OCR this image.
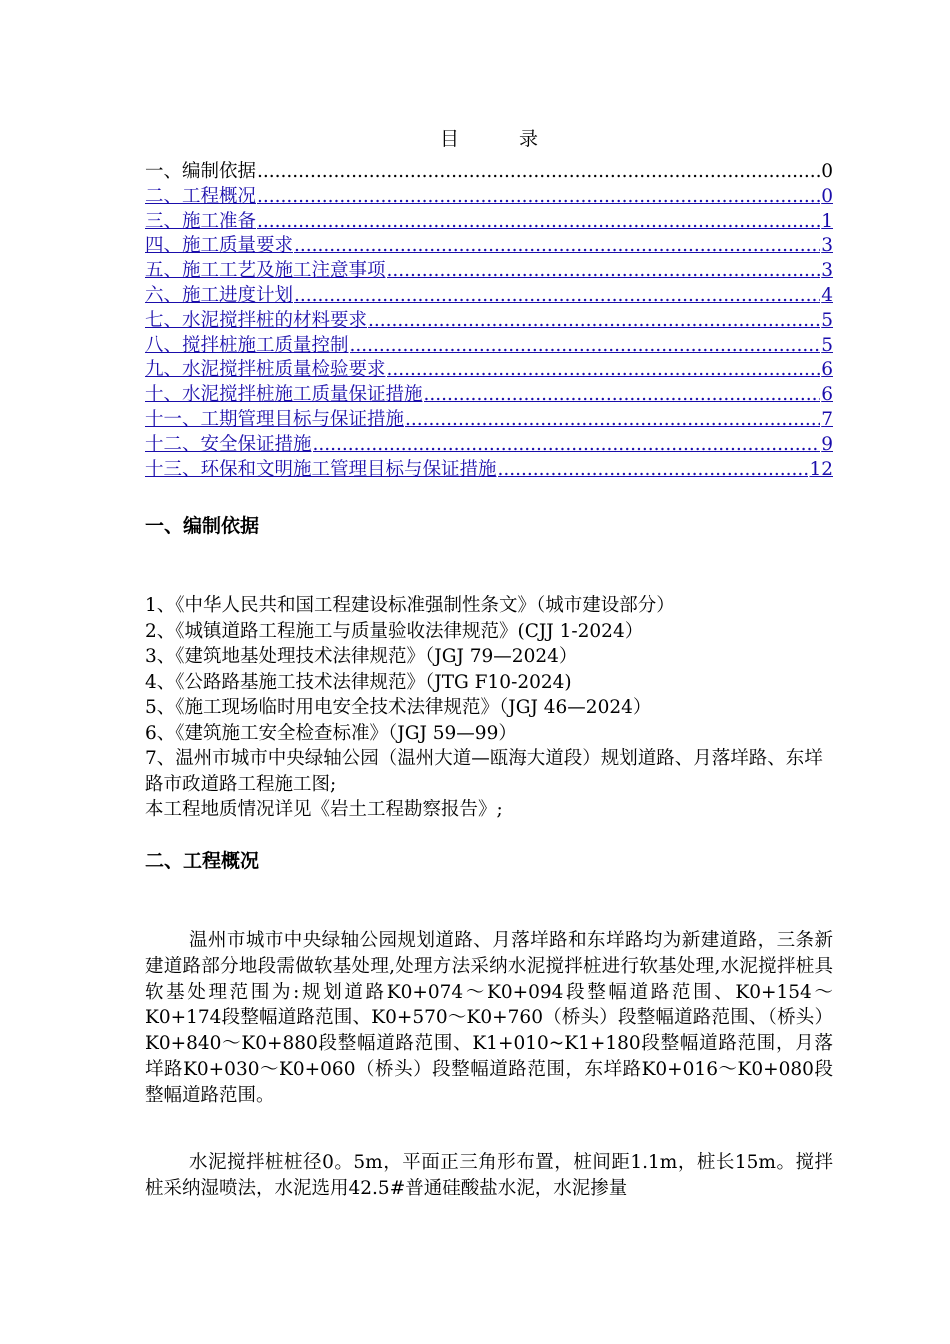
目录
一、编制依据 .....	0
二、工程概况 .....	0
三、施工准备 .....	1
四、施工质量要求 .....	3
五、施工工艺及施工注意事项 .....	3
六、施工进度计划 .....	4
七、水泥搅拌桩的材料要求 .....	5
八、搅拌桩施工质量控制 .....	5
九、水泥搅拌桩质量检验要求 .....	6
十、水泥搅拌桩施工质量保证措施 .....	6
十一、工期管理目标与保证措施 .....	7
十二、安全保证措施 .....	9
十三、环保和文明施工管理目标与保证措施 .....	12
一、编制依据
1、《中华人民共和国工程建设标准强制性条文》（城市建设部分）
2、《城镇道路工程施工与质量验收法律规范》(CJJ 1-2024）
3、《建筑地基处理技术法律规范》（JGJ 79—2024）
4、《公路路基施工技术法律规范》（JTG F10-2024)
5、《施工现场临时用电安全技术法律规范》（JGJ 46—2024）
6、《建筑施工安全检查标准》（JGJ 59—99）
7、温州市城市中央绿轴公园（温州大道—瓯海大道段）规划道路、月落垟路、东垟路市政道路工程施工图;
本工程地质情况详见《岩土工程勘察报告》;
二、工程概况
温州市城市中央绿轴公园规划道路、月落垟路和东垟路均为新建道路，三条新建道路部分地段需做软基处理,处理方法采纳水泥搅拌桩进行软基处理,水泥搅拌桩具软基处理范围为:规划道路K0+074～K0+094段整幅道路范围、K0+154～K0+174段整幅道路范围、K0+570～K0+760（桥头）段整幅道路范围、（桥头）K0+840～K0+880段整幅道路范围、K1+010~K1+180段整幅道路范围，月落垟路K0+030～K0+060（桥头）段整幅道路范围，东垟路K0+016～K0+080段整幅道路范围。
水泥搅拌桩桩径0。5m，平面正三角形布置，桩间距1.1m，桩长15m。搅拌桩采纳湿喷法，水泥选用42.5#普通硅酸盐水泥，水泥掺量
